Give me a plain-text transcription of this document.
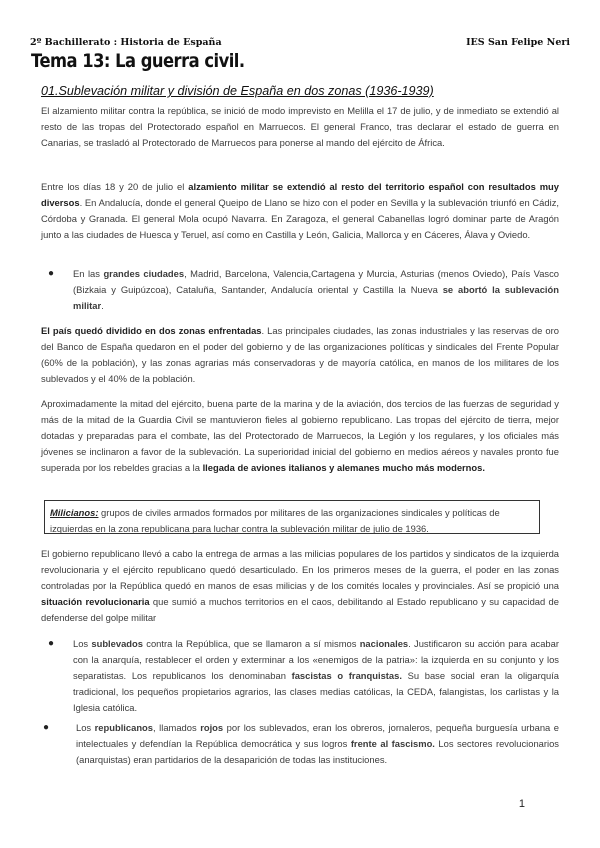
2º Bachillerato : Historia de España	IES San Felipe Neri
Tema 13: La guerra civil.
01.Sublevación militar y división de España en dos zonas (1936-1939)
El alzamiento militar contra la república, se inició de modo imprevisto en Melilla el 17 de julio, y de inmediato se extendió al resto de las tropas del Protectorado español en Marruecos. El general Franco, tras declarar el estado de guerra en Canarias, se trasladó al Protectorado de Marruecos para ponerse al mando del ejército de África.
Entre los días 18 y 20 de julio el alzamiento militar se extendió al resto del territorio español con resultados muy diversos. En Andalucía, donde el general Queipo de Llano se hizo con el poder en Sevilla y la sublevación triunfó en Cádiz, Córdoba y Granada. El general Mola ocupó Navarra. En Zaragoza, el general Cabanellas logró dominar parte de Aragón junto a las ciudades de Huesca y Teruel, así como en Castilla y León, Galicia, Mallorca y en Cáceres, Álava y Oviedo.
● En las grandes ciudades, Madrid, Barcelona, Valencia,Cartagena y Murcia, Asturias (menos Oviedo), País Vasco (Bizkaia y Guipúzcoa), Cataluña, Santander, Andalucía oriental y Castilla la Nueva se abortó la sublevación militar.
El país quedó dividido en dos zonas enfrentadas. Las principales ciudades, las zonas industriales y las reservas de oro del Banco de España quedaron en el poder del gobierno y de las organizaciones políticas y sindicales del Frente Popular (60% de la población), y las zonas agrarias más conservadoras y de mayoría católica, en manos de los militares de los sublevados y el 40% de la población.
Aproximadamente la mitad del ejército, buena parte de la marina y de la aviación, dos tercios de las fuerzas de seguridad y más de la mitad de la Guardia Civil se mantuvieron fieles al gobierno republicano. Las tropas del ejército de tierra, mejor dotadas y preparadas para el combate, las del Protectorado de Marruecos, la Legión y los regulares, y los oficiales más jóvenes se inclinaron a favor de la sublevación. La superioridad inicial del gobierno en medios aéreos y navales pronto fue superada por los rebeldes gracias a la llegada de aviones italianos y alemanes mucho más modernos.
Milicianos: grupos de civiles armados formados por militares de las organizaciones sindicales y políticas de izquierdas en la zona republicana para luchar contra la sublevación militar de julio de 1936.
El gobierno republicano llevó a cabo la entrega de armas a las milicias populares de los partidos y sindicatos de la izquierda revolucionaria y el ejército republicano quedó desarticulado. En los primeros meses de la guerra, el poder en las zonas controladas por la República quedó en manos de esas milicias y de los comités locales y provinciales. Así se propició una situación revolucionaria que sumió a muchos territorios en el caos, debilitando al Estado republicano y su capacidad de defenderse del golpe militar
● Los sublevados contra la República, que se llamaron a sí mismos nacionales. Justificaron su acción para acabar con la anarquía, restablecer el orden y exterminar a los «enemigos de la patria»: la izquierda en su conjunto y los separatistas. Los republicanos los denominaban fascistas o franquistas. Su base social eran la oligarquía tradicional, los pequeños propietarios agrarios, las clases medias católicas, la CEDA, falangistas, los carlistas y la Iglesia católica.
●	Los republicanos, llamados rojos por los sublevados, eran los obreros, jornaleros, pequeña burguesía urbana e intelectuales y defendían la República democrática y sus logros frente al fascismo. Los sectores revolucionarios (anarquistas) eran partidarios de la desaparición de todas las instituciones.
1
